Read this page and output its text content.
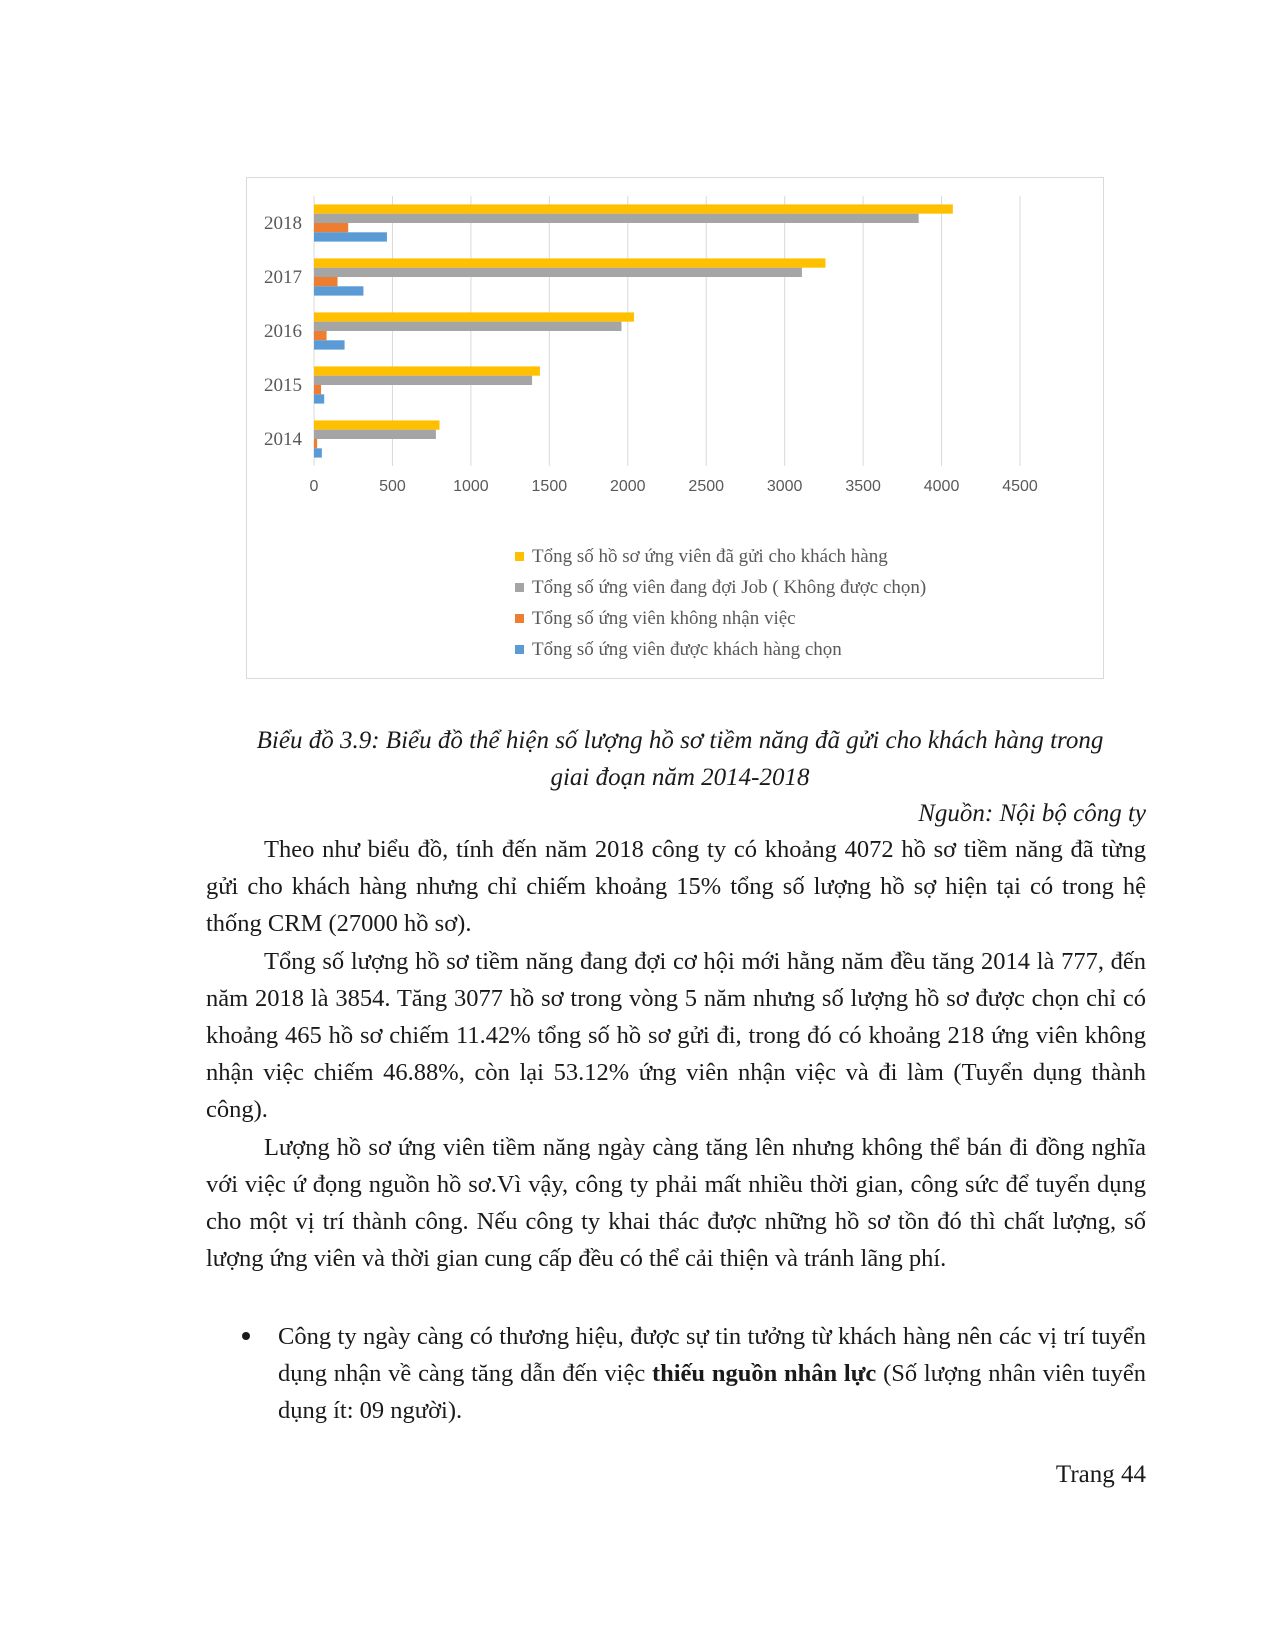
0	500	1000	1500	2000	2500	3000	3500	4000	4500
2014
2015
2016
2017
2018
Tổng số hồ sơ ứng viên đã gửi cho khách hàng
Tổng số ứng viên đang đợi Job ( Không được chọn)
Tổng số ứng viên không nhận việc
Tổng số ứng viên được khách hàng chọn
Biểu đồ 3.9: Biểu đồ thể hiện số lượng hồ sơ tiềm năng đã gửi cho khách hàng trong
giai đoạn năm 2014-2018
Nguồn: Nội bộ công ty

Theo như biểu đồ, tính đến năm 2018 công ty có khoảng 4072 hồ sơ tiềm năng đã từng gửi cho khách hàng nhưng chỉ chiếm khoảng 15% tổng số lượng hồ sợ hiện tại có trong hệ thống CRM (27000 hồ sơ).

Tổng số lượng hồ sơ tiềm năng đang đợi cơ hội mới hằng năm đều tăng 2014 là 777, đến năm 2018 là 3854. Tăng 3077 hồ sơ trong vòng 5 năm nhưng số lượng hồ sơ được chọn chỉ có khoảng 465 hồ sơ chiếm 11.42% tổng số hồ sơ gửi đi, trong đó có khoảng 218 ứng viên không nhận việc chiếm 46.88%, còn lại 53.12% ứng viên nhận việc và đi làm (Tuyển dụng thành công).

Lượng hồ sơ ứng viên tiềm năng ngày càng tăng lên nhưng không thể bán đi đồng nghĩa với việc ứ đọng nguồn hồ sơ.Vì vậy, công ty phải mất nhiều thời gian, công sức để tuyển dụng cho một vị trí thành công. Nếu công ty khai thác được những hồ sơ tồn đó thì chất lượng, số lượng ứng viên và thời gian cung cấp đều có thể cải thiện và tránh lãng phí.

Công ty ngày càng có thương hiệu, được sự tin tưởng từ khách hàng nên các vị trí tuyển dụng nhận về càng tăng dẫn đến việc thiếu nguồn nhân lực (Số lượng nhân viên tuyển dụng ít: 09 người).
Trang 44
